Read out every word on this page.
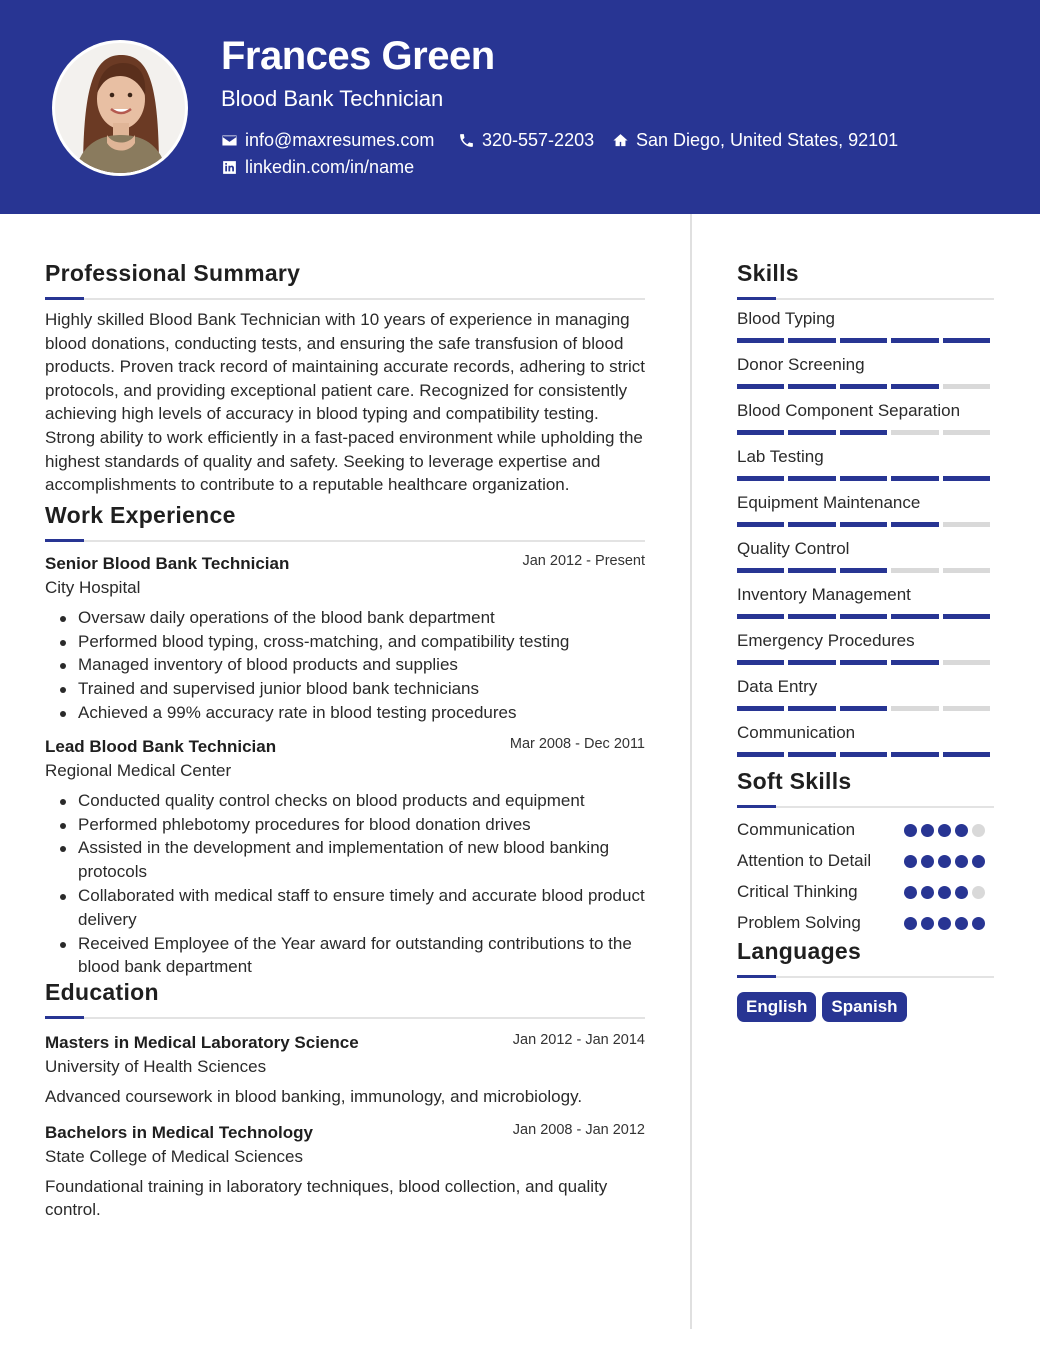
Frances Green
Blood Bank Technician
info@maxresumes.com	320-557-2203 San Diego, United States, 92101
linkedin.com/in/name
Professional Summary

Highly skilled Blood Bank Technician with 10 years of experience in managing blood donations, conducting tests, and ensuring the safe transfusion of blood products. Proven track record of maintaining accurate records, adhering to strict protocols, and providing exceptional patient care. Recognized for consistently achieving high levels of accuracy in blood typing and compatibility testing. Strong ability to work efficiently in a fast-paced environment while upholding the highest standards of quality and safety. Seeking to leverage expertise and accomplishments to contribute to a reputable healthcare organization.

Work Experience
Senior Blood Bank Technician	Jan 2012 - Present
City Hospital
Oversaw daily operations of the blood bank department
Performed blood typing, cross-matching, and compatibility testing
Managed inventory of blood products and supplies
Trained and supervised junior blood bank technicians
Achieved a 99% accuracy rate in blood testing procedures
Lead Blood Bank Technician	Mar 2008 - Dec 2011
Regional Medical Center
Conducted quality control checks on blood products and equipment
Performed phlebotomy procedures for blood donation drives
Assisted in the development and implementation of new blood banking protocols
Collaborated with medical staff to ensure timely and accurate blood product delivery
Received Employee of the Year award for outstanding contributions to the blood bank department
Education
Masters in Medical Laboratory Science	Jan 2012 - Jan 2014
University of Health Sciences

Advanced coursework in blood banking, immunology, and microbiology.

Bachelors in Medical Technology	Jan 2008 - Jan 2012
State College of Medical Sciences

Foundational training in laboratory techniques, blood collection, and quality control.

Skills
Blood Typing
Donor Screening
Blood Component Separation
Lab Testing
Equipment Maintenance
Quality Control
Inventory Management
Emergency Procedures
Data Entry
Communication
Soft Skills
Communication
Attention to Detail
Critical Thinking
Problem Solving
Languages
English	Spanish
